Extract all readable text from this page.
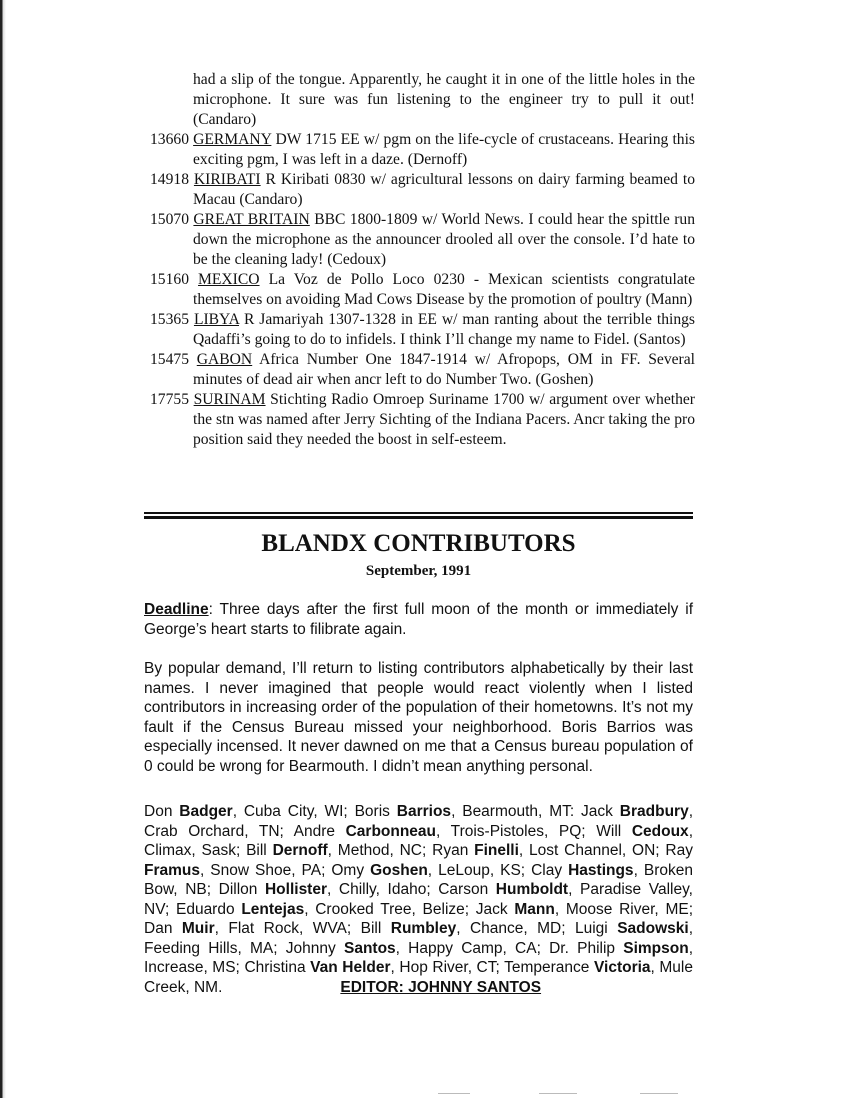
had a slip of the tongue. Apparently, he caught it in one of the little holes in the microphone. It sure was fun listening to the engineer try to pull it out! (Candaro)

13660 GERMANY DW 1715 EE w/ pgm on the life-cycle of crustaceans. Hearing this exciting pgm, I was left in a daze. (Dernoff)

14918 KIRIBATI R Kiribati 0830 w/ agricultural lessons on dairy farming beamed to Macau (Candaro)

15070 GREAT BRITAIN BBC 1800-1809 w/ World News. I could hear the spittle run down the microphone as the announcer drooled all over the console. I’d hate to be the cleaning lady! (Cedoux)

15160 MEXICO La Voz de Pollo Loco 0230 - Mexican scientists congratulate themselves on avoiding Mad Cows Disease by the promotion of poultry (Mann)

15365 LIBYA R Jamariyah 1307-1328 in EE w/ man ranting about the terrible things Qadaffi’s going to do to infidels. I think I’ll change my name to Fidel. (Santos)

15475 GABON Africa Number One 1847-1914 w/ Afropops, OM in FF. Several minutes of dead air when ancr left to do Number Two. (Goshen)

17755 SURINAM Stichting Radio Omroep Suriname 1700 w/ argument over whether the stn was named after Jerry Sichting of the Indiana Pacers. Ancr taking the pro position said they needed the boost in self-esteem.

BLANDX CONTRIBUTORS
September, 1991

Deadline: Three days after the first full moon of the month or immediately if George’s heart starts to filibrate again.

By popular demand, I’ll return to listing contributors alphabetically by their last names. I never imagined that people would react violently when I listed contributors in increasing order of the population of their hometowns. It’s not my fault if the Census Bureau missed your neighborhood. Boris Barrios was especially incensed. It never dawned on me that a Census bureau population of 0 could be wrong for Bearmouth. I didn’t mean anything personal.

Don Badger, Cuba City, WI; Boris Barrios, Bearmouth, MT: Jack Bradbury, Crab Orchard, TN; Andre Carbonneau, Trois-Pistoles, PQ; Will Cedoux, Climax, Sask; Bill Dernoff, Method, NC; Ryan Finelli, Lost Channel, ON; Ray Framus, Snow Shoe, PA; Omy Goshen, LeLoup, KS; Clay Hastings, Broken Bow, NB; Dillon Hollister, Chilly, Idaho; Carson Humboldt, Paradise Valley, NV; Eduardo Lentejas, Crooked Tree, Belize; Jack Mann, Moose River, ME; Dan Muir, Flat Rock, WVA; Bill Rumbley, Chance, MD; Luigi Sadowski, Feeding Hills, MA; Johnny Santos, Happy Camp, CA; Dr. Philip Simpson, Increase, MS; Christina Van Helder, Hop River, CT; Temperance Victoria, Mule Creek, NM.	EDITOR: JOHNNY SANTOS
